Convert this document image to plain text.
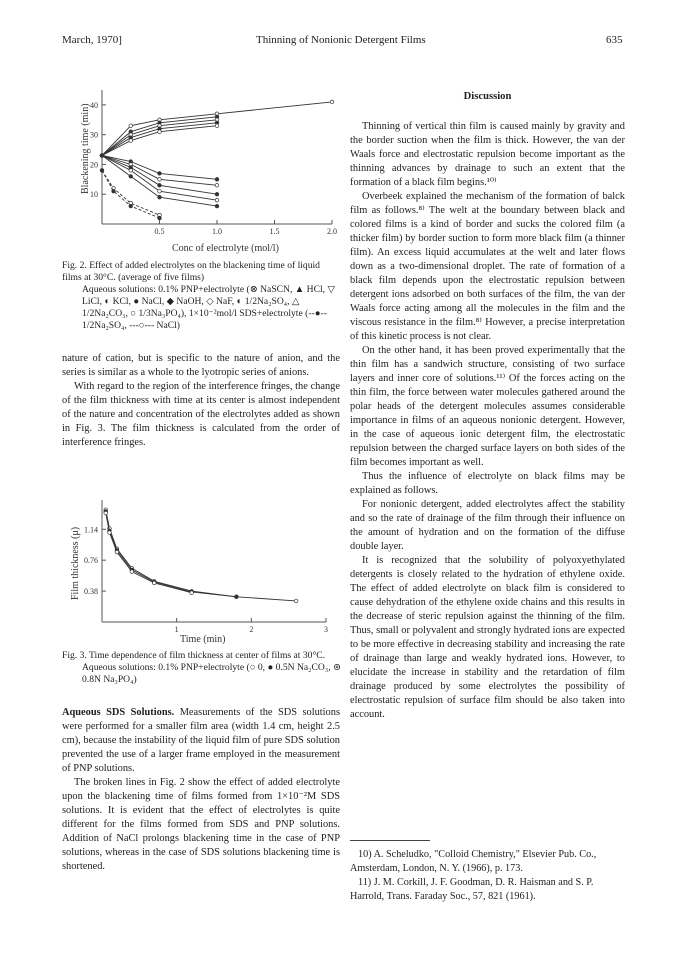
March, 1970]	Thinning of Nonionic Detergent Films	635
40
30
20
10
0.5	1.0	1.5	2.0
Blackening time (min)
Conc of electrolyte (mol/l)
Fig. 2. Effect of added electrolytes on the blackening time of liquid films at 30°C. (average of five films)
Aqueous solutions: 0.1% PNP+electrolyte (⊗ NaSCN, ▲ HCl, ▽ LiCl, ◐ KCl, ● NaCl, ◆ NaOH, ◇ NaF, ◐ 1/2Na₂SO₄, △ 1/2Na₂CO₃, ○ 1/3Na₃PO₄), 1×10⁻²mol/l SDS+electrolyte (--●-- 1/2Na₂SO₄, ---○--- NaCl)

nature of cation, but is specific to the nature of anion, and the series is similar as a whole to the lyotropic series of anions.

With regard to the region of the interference fringes, the change of the film thickness with time at its center is almost independent of the nature and concentration of the electrolytes added as shown in Fig. 3. The film thickness is calculated from the order of interference fringes.

1.14
0.76
0.38
1	2	3
Film thickness (μ)
Time (min)
Fig. 3. Time dependence of film thickness at center of films at 30°C.
Aqueous solutions: 0.1% PNP+electrolyte (○ 0, ● 0.5N Na₂CO₃, ⊚ 0.8N Na₃PO₄)

Aqueous SDS Solutions. Measurements of the SDS solutions were performed for a smaller film area (width 1.4 cm, height 2.5 cm), because the instability of the liquid film of pure SDS solution prevented the use of a larger frame employed in the measurement of PNP solutions.

The broken lines in Fig. 2 show the effect of added electrolyte upon the blackening time of films formed from 1×10⁻²M SDS solutions. It is evident that the effect of electrolytes is quite different for the films formed from SDS and PNP solutions. Addition of NaCl prolongs blackening time in the case of PNP solutions, whereas in the case of SDS solutions blackening time is shortened.

Discussion

Thinning of vertical thin film is caused mainly by gravity and the border suction when the film is thick. However, the van der Waals force and electrostatic repulsion become important as the thinning advances by drainage to such an extent that the formation of a black film begins.¹⁰⁾

Overbeek explained the mechanism of the formation of balck film as follows.⁸⁾ The welt at the boundary between black and colored films is a kind of border and sucks the colored film (a thicker film) by border suction to form more black film (a thinner film). An excess liquid accumulates at the welt and later flows down as a two-dimensional droplet. The rate of formation of a black film depends upon the electrostatic repulsion between detergent ions adsorbed on both surfaces of the film, the van der Waals force acting among all the molecules in the film and the viscous resistance in the film.⁸⁾ However, a precise interpretation of this kinetic process is not clear.

On the other hand, it has been proved experimentally that the thin film has a sandwich structure, consisting of two surface layers and inner core of solutions.¹¹⁾ Of the forces acting on the thin film, the force between water molecules gathered around the polar heads of the detergent molecules assumes considerable importance in films of an aqueous nonionic detergent. However, in the case of aqueous ionic detergent film, the electrostatic repulsion between the charged surface layers on both sides of the film becomes important as well.

Thus the influence of electrolyte on black films may be explained as follows.

For nonionic detergent, added electrolytes affect the stability and so the rate of drainage of the film through their influence on the amount of hydration and on the formation of the diffuse double layer.

It is recognized that the solubility of polyoxyethylated detergents is closely related to the hydration of ethylene oxide. The effect of added electrolyte on black film is considered to cause dehydration of the ethylene oxide chains and this results in the decrease of steric repulsion against the thinning of the film. Thus, small or polyvalent and strongly hydrated ions are expected to be more effective in decreasing stability and increasing the rate of drainage than large and weakly hydrated ions. However, to elucidate the increase in stability and the retardation of film drainage produced by some electrolytes the possibility of electrostatic repulsion of surface film should be also taken into account.

10) A. Scheludko, "Colloid Chemistry," Elsevier Pub. Co., Amsterdam, London, N. Y. (1966), p. 173.

11) J. M. Corkill, J. F. Goodman, D. R. Haisman and S. P. Harrold, Trans. Faraday Soc., 57, 821 (1961).
